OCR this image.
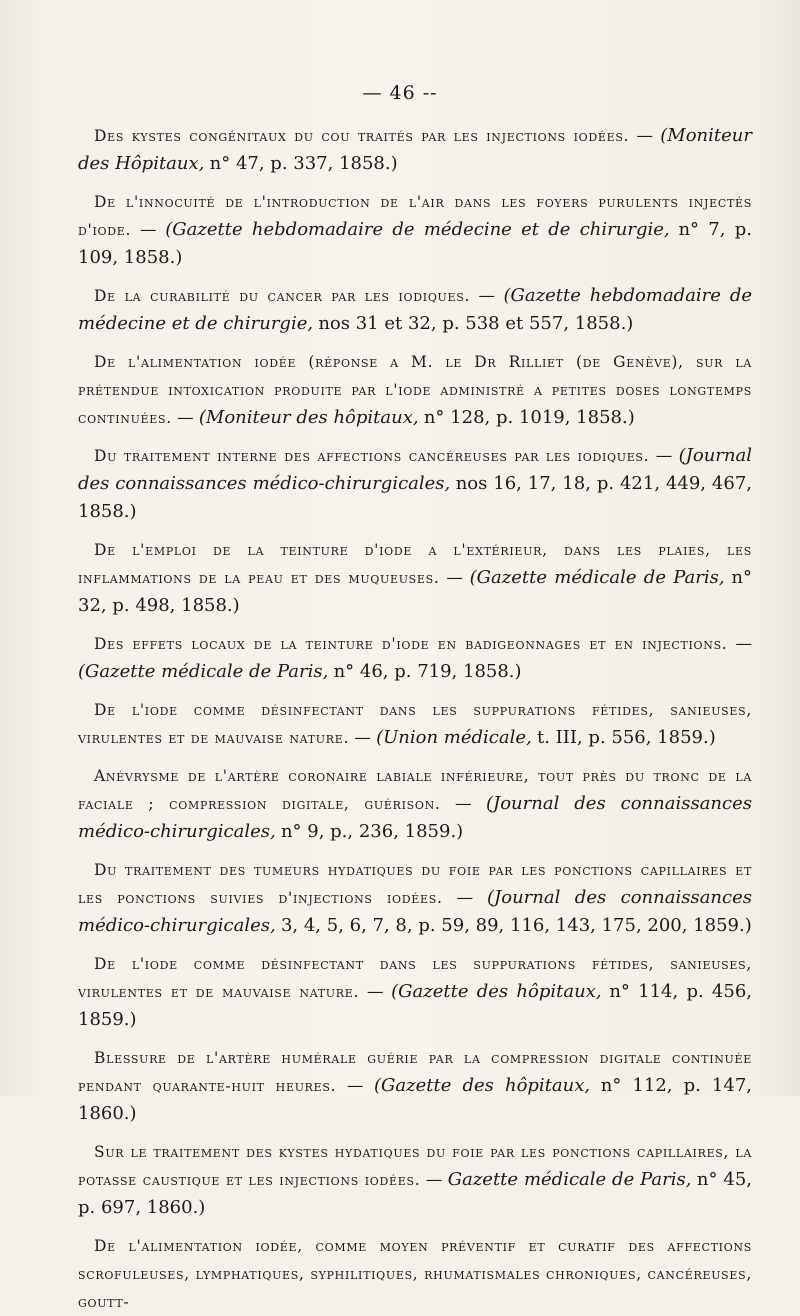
— 46 --

Des kystes congénitaux du cou traités par les injections iodées. — (Moniteur des Hôpitaux, n° 47, p. 337, 1858.)

De l'innocuité de l'introduction de l'air dans les foyers purulents injectés d'iode. — (Gazette hebdomadaire de médecine et de chirurgie, n° 7, p. 109, 1858.)

De la curabilité du cancer par les iodiques. — (Gazette hebdomadaire de médecine et de chirurgie, nos 31 et 32, p. 538 et 557, 1858.)

De l'alimentation iodée (réponse a M. le Dr Rilliet (de Genève), sur la prétendue intoxication produite par l'iode administré a petites doses longtemps continuées. — (Moniteur des hôpitaux, n° 128, p. 1019, 1858.)

Du traitement interne des affections cancéreuses par les iodiques. — (Journal des connaissances médico-chirurgicales, nos 16, 17, 18, p. 421, 449, 467, 1858.)

De l'emploi de la teinture d'iode a l'extérieur, dans les plaies, les inflammations de la peau et des muqueuses. — (Gazette médicale de Paris, n° 32, p. 498, 1858.)

Des effets locaux de la teinture d'iode en badigeonnages et en injections. — (Gazette médicale de Paris, n° 46, p. 719, 1858.)

De l'iode comme désinfectant dans les suppurations fétides, sanieuses, virulentes et de mauvaise nature. — (Union médicale, t. III, p. 556, 1859.)

Anévrysme de l'artère coronaire labiale inférieure, tout près du tronc de la faciale ; compression digitale, guérison. — (Journal des connaissances médico-chirurgicales, n° 9, p., 236, 1859.)

Du traitement des tumeurs hydatiques du foie par les ponctions capillaires et les ponctions suivies d'injections iodées. — (Journal des connaissances médico-chirurgicales, 3, 4, 5, 6, 7, 8, p. 59, 89, 116, 143, 175, 200, 1859.)

De l'iode comme désinfectant dans les suppurations fétides, sanieuses, virulentes et de mauvaise nature. — (Gazette des hôpitaux, n° 114, p. 456, 1859.)

Blessure de l'artère humérale guérie par la compression digitale continuée pendant quarante-huit heures. — (Gazette des hôpitaux, n° 112, p. 147, 1860.)

Sur le traitement des kystes hydatiques du foie par les ponctions capillaires, la potasse caustique et les injections iodées. — Gazette médicale de Paris, n° 45, p. 697, 1860.)

De l'alimentation iodée, comme moyen préventif et curatif des affections scrofuleuses, lymphatiques, syphilitiques, rhumatismales chroniques, cancéreuses, goutt-
